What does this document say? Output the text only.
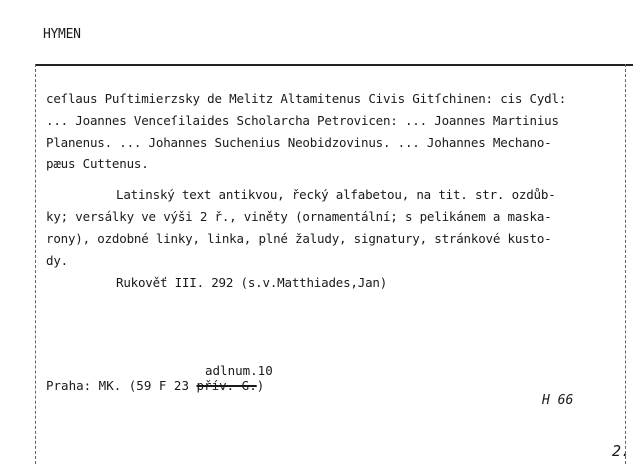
HYMEN
ceſlaus Puſtimierzsky de Melitz Altamitenus Civis Gitſchinen: cis Cydl:
... Joannes Venceſilaides Scholarcha Petrovicen: ... Joannes Martinius
Planenus. ... Johannes Suchenius Neobidzovinus. ... Johannes Mechano-
pæus Cuttenus.
Latinský text antikvou, řecký alfabetou, na tit. str. ozdůb-
ky; versálky ve výši 2 ř., viněty (ornamentální; s pelikánem a maska-
rony), ozdobné linky, linka, plné žaludy, signatury, stránkové kusto-
dy.
Rukověť III. 292 (s.v.Matthiades,Jan)
adlnum.10
Praha: MK. (59 F 23 přív. G.)
H 66
2.
